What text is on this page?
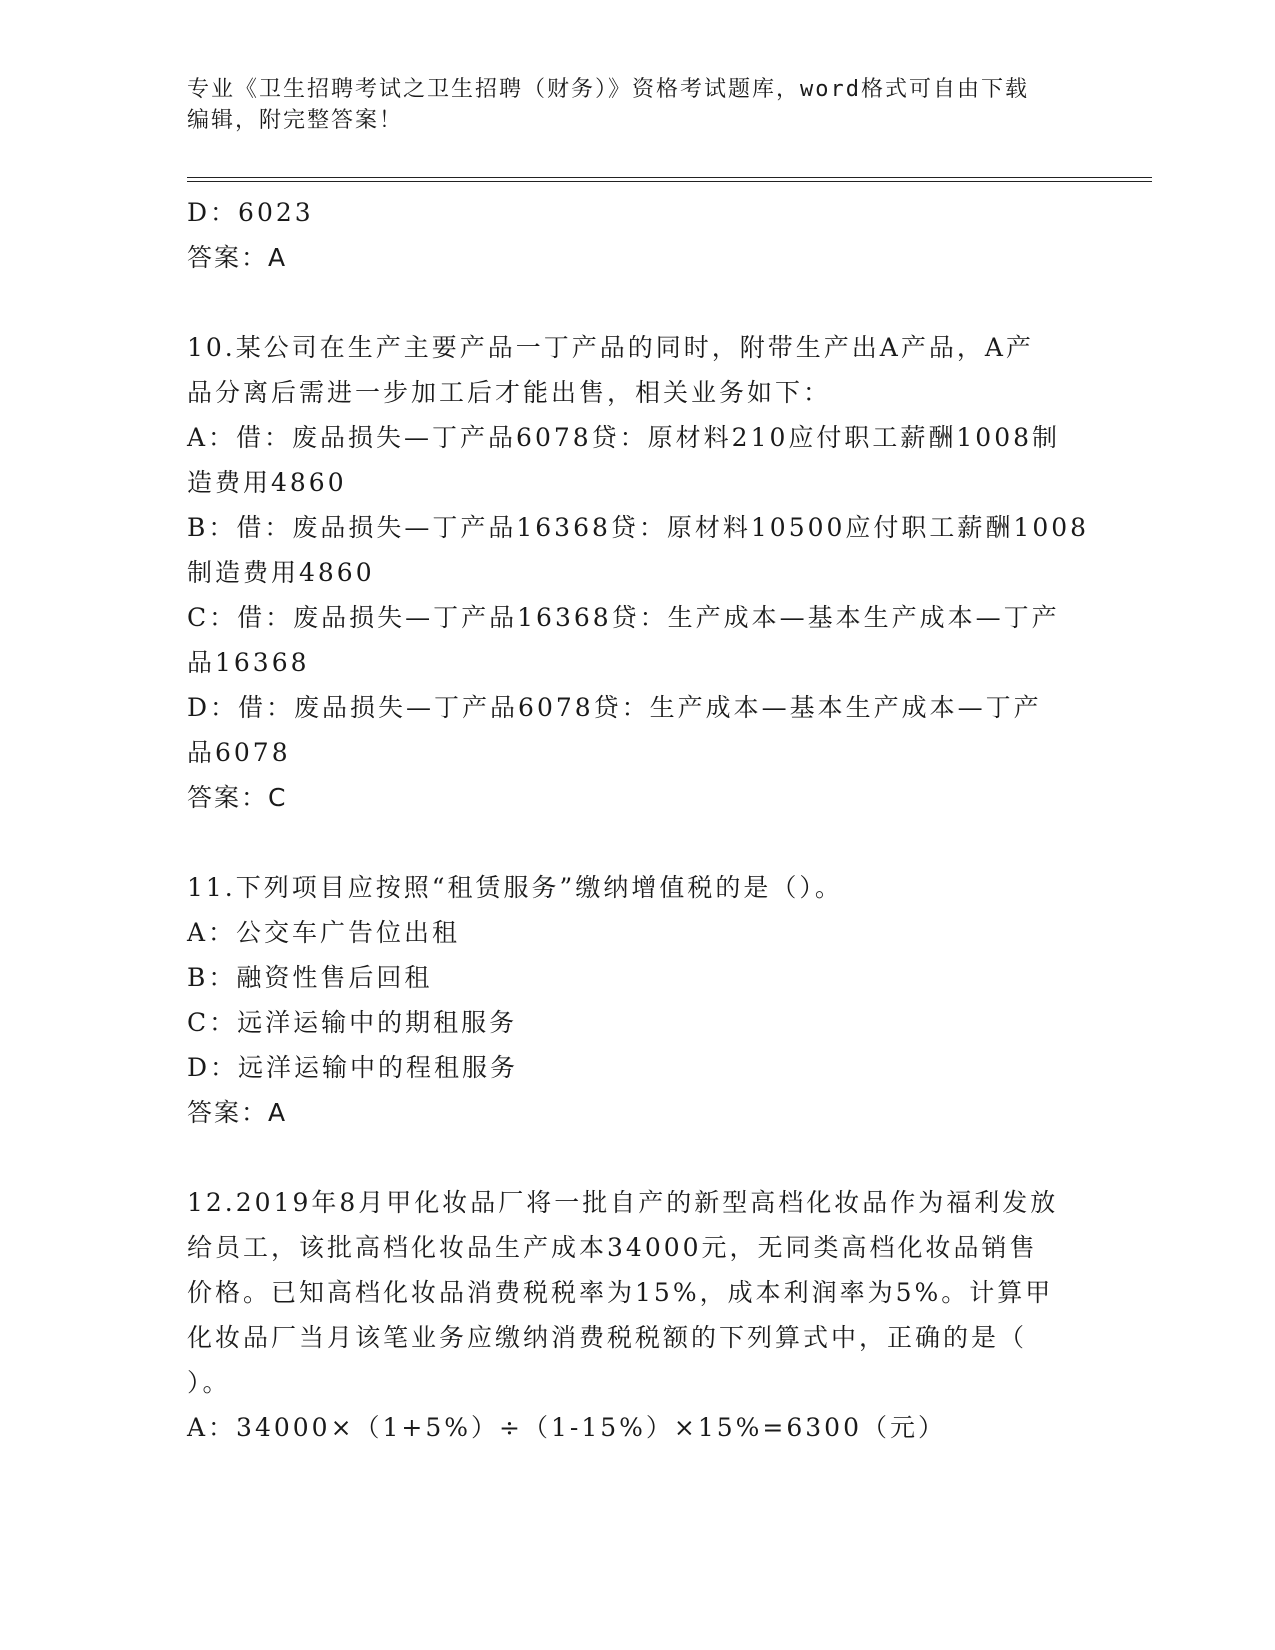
专业《卫生招聘考试之卫生招聘（财务）》资格考试题库，word格式可自由下载
编辑，附完整答案！
D：6023
答案：A
10.某公司在生产主要产品一丁产品的同时，附带生产出A产品，A产
品分离后需进一步加工后才能出售，相关业务如下：
A：借：废品损失—丁产品6078贷：原材料210应付职工薪酬1008制
造费用4860
B：借：废品损失—丁产品16368贷：原材料10500应付职工薪酬1008
制造费用4860
C：借：废品损失—丁产品16368贷：生产成本—基本生产成本—丁产
品16368
D：借：废品损失—丁产品6078贷：生产成本—基本生产成本—丁产
品6078
答案：C
11.下列项目应按照“租赁服务”缴纳增值税的是（）。
A：公交车广告位出租
B：融资性售后回租
C：远洋运输中的期租服务
D：远洋运输中的程租服务
答案：A
12.2019年8月甲化妆品厂将一批自产的新型高档化妆品作为福利发放
给员工，该批高档化妆品生产成本34000元，无同类高档化妆品销售
价格。已知高档化妆品消费税税率为15%，成本利润率为5%。计算甲
化妆品厂当月该笔业务应缴纳消费税税额的下列算式中，正确的是（
）。
A：34000×（1+5%）÷（1-15%）×15%=6300（元）
